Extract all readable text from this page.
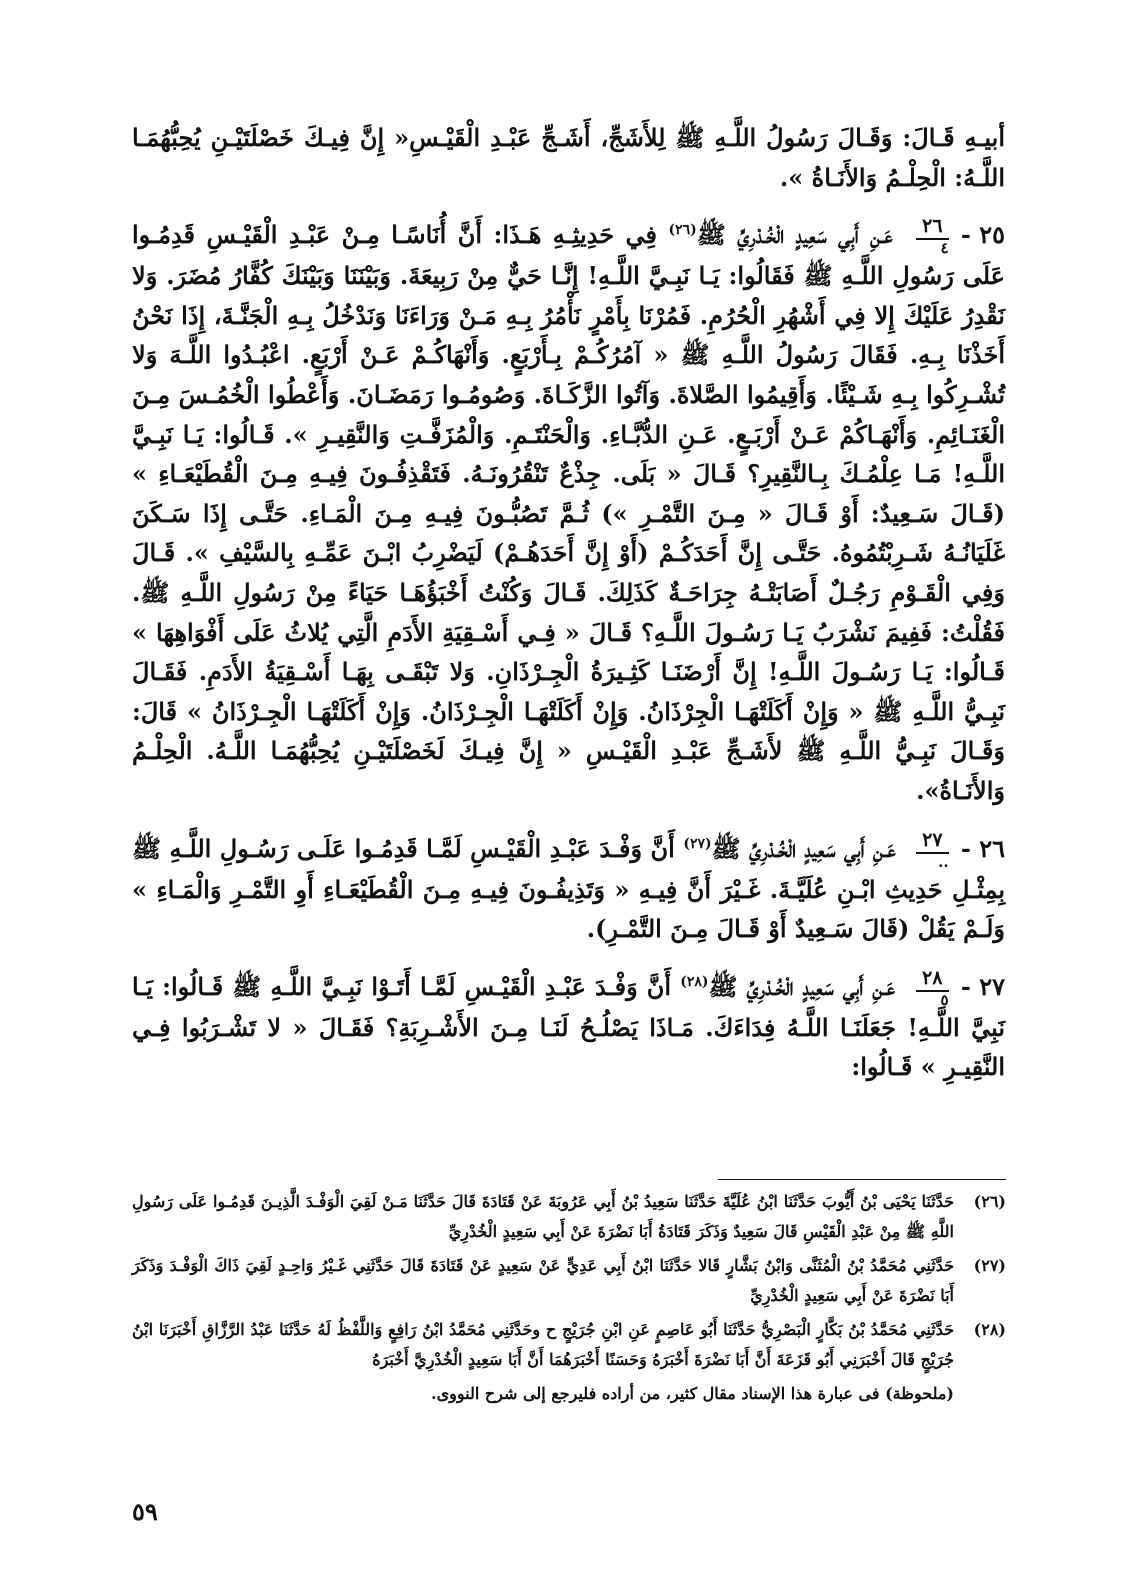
أبيـهِ قَـالَ: وَقَـالَ رَسُولُ اللَّـهِ ﷺ لِلأَشَجِّ، أَشَـجِّ عَبْـدِ الْقَيْـسِ« إِنَّ فِيـكَ خَصْلَتَيْـنِ يُحِبُّهُمَـا اللَّـهُ: الْحِلْـمُ وَالأَنَـاةُ ».

٢٥ -
$\frac{٢٦}{٤}$
عَـنِ أَبِي سَعِيدٍ الْخُـدْرِيِّ ﷺ$^{(٢٦)}$ فِي حَدِيثِـهِ هَـذَا: أَنَّ أُنَاسًـا مِـنْ عَبْـدِ الْقَيْـسِ قَدِمُـوا عَلَى رَسُولِ اللَّـهِ ﷺ فَقَالُوا: يَـا نَبِـيَّ اللَّـهِ! إِنَّـا حَيٌّ مِنْ رَبِيعَةَ. وَبَيْنَنَا وَبَيْنَكَ كُفَّارُ مُضَرَ. وَلا نَقْدِرُ عَلَيْكَ إِلا فِي أَشْهُرِ الْحُرُمِ. فَمُرْنَا بِأَمْرٍ نَأْمُرُ بِـهِ مَـنْ وَرَاءَنَا وَنَدْخُلُ بِـهِ الْجَنَّـةَ، إِذَا نَحْنُ أَخَذْنَا بِـهِ. فَقَالَ رَسُولُ اللَّـهِ ﷺ « آمُرُكُـمْ بِـأَرْبَعٍ. وَأَنْهَاكُـمْ عَـنْ أَرْبَعٍ. اعْبُـدُوا اللَّـهَ وَلا تُشْـرِكُوا بِـهِ شَـيْئًا. وَأَقِيمُوا الصَّلاةَ. وَآتُوا الزَّكَـاةَ. وَصُومُـوا رَمَضَـانَ. وَأَعْطُوا الْخُمُـسَ مِـنَ الْغَنَـائِمِ. وَأَنْهَـاكُمْ عَـنْ أَرْبَـعٍ. عَـنِ الدُّبَّـاءِ. وَالْحَنْتَـمِ. وَالْمُزَفَّـتِ وَالنَّقِيـرِ ». قَـالُوا: يَـا نَبِـيَّ اللَّـهِ! مَـا عِلْمُـكَ بِـالنَّقِيرِ؟ قَـالَ « بَلَى. جِذْعٌ تَنْقُرُونَـهُ. فَتَقْذِفُـونَ فِيـهِ مِـنَ الْقُطَيْعَـاءِ » (قَـالَ سَـعِيدٌ: أَوْ قَـالَ « مِـنَ التَّمْـرِ ») ثُـمَّ تَصُبُّـونَ فِيـهِ مِـنَ الْمَـاءِ. حَتَّـى إِذَا سَـكَنَ غَلَيَانُـهُ شَـرِبْتُمُوهُ. حَتَّـى إِنَّ أَحَدَكُـمْ (أَوْ إِنَّ أَحَدَهُـمْ) لَيَضْرِبُ ابْـنَ عَمِّـهِ بِالسَّيْفِ ». قَـالَ وَفِي الْقَـوْمِ رَجُـلٌ أَصَابَتْـهُ جِرَاحَـةٌ كَذَلِكَ. قَـالَ وَكُنْتُ أَخْبَؤُهَـا حَيَاءً مِنْ رَسُولِ اللَّـهِ ﷺ. فَقُلْتُ: فَفِيمَ نَشْرَبُ يَـا رَسُـولَ اللَّـهِ؟ قَـالَ « فِـي أَسْـقِيَةِ الأَدَمِ الَّتِي يُلاثُ عَلَى أَفْوَاهِهَا » قَـالُوا: يَـا رَسُـولَ اللَّـهِ! إِنَّ أَرْضَنَـا كَثِـيرَةُ الْجِـرْذَانِ. وَلا تَبْقَـى بِهَـا أَسْـقِيَةُ الأَدَمِ. فَقَـالَ نَبِـيُّ اللَّـهِ ﷺ « وَإِنْ أَكَلَتْهَـا الْجِرْذَانُ. وَإِنْ أَكَلَتْهَـا الْجِـرْذَانُ. وَإِنْ أَكَلَتْهَـا الْجِـرْذَانُ » قَالَ: وَقَـالَ نَبِـيُّ اللَّـهِ ﷺ لأَشَـجِّ عَبْـدِ الْقَيْـسِ « إِنَّ فِيـكَ لَخَصْلَتَيْـنِ يُحِبُّهُمَـا اللَّـهُ. الْحِلْـمُ وَالأَنَـاةُ».

٢٦ -
$\frac{٢٧}{..}$
عَـنِ أَبِي سَعِيدٍ الْخُـدْرِيِّ ﷺ$^{(٢٧)}$ أَنَّ وَفْـدَ عَبْـدِ الْقَيْـسِ لَمَّـا قَدِمُـوا عَلَـى رَسُـولِ اللَّـهِ ﷺ بِمِثْـلِ حَدِيثِ ابْـنِ عُلَيَّـةَ. غَـيْرَ أَنَّ فِيـهِ « وَتَذِيفُـونَ فِيـهِ مِـنَ الْقُطَيْعَـاءِ أَوِ التَّمْـرِ وَالْمَـاءِ » وَلَـمْ يَقُلْ (قَالَ سَـعِيدٌ أَوْ قَـالَ مِـنَ التَّمْـرِ).

٢٧ -
$\frac{٢٨}{٥}$
عَـنِ أَبِي سَعِيدٍ الْخُـدْرِيِّ ﷺ$^{(٢٨)}$ أَنَّ وَفْـدَ عَبْـدِ الْقَيْـسِ لَمَّـا أَتَـوْا نَبِـيَّ اللَّـهِ ﷺ قَـالُوا: يَـا نَبِيَّ اللَّـهِ! جَعَلَنَـا اللَّـهُ فِدَاءَكَ. مَـاذَا يَصْلُـحُ لَنَـا مِـنَ الأَشْـرِبَةِ؟ فَقَـالَ « لا تَشْـرَبُوا فِـي النَّقِيـرِ » قَـالُوا:

(٢٦)
حَدَّثَنَا يَحْيَى بْنُ أَيُّوبَ حَدَّثَنَا ابْنُ عُلَيَّةَ حَدَّثَنَا سَعِيدُ بْنُ أَبِي عَرُوبَةَ عَنْ قَتَادَةَ قَالَ حَدَّثَنَا مَـنْ لَقِيَ الْوَفْـدَ الَّذِيـنَ قَدِمُـوا عَلَى رَسُولِ اللَّهِ ﷺ مِنْ عَبْدِ الْقَيْسِ قَالَ سَعِيدٌ وَذَكَرَ قَتَادَةُ أَبَا نَضْرَةَ عَنْ أَبِي سَعِيدٍ الْخُدْرِيِّ
(٢٧)
حَدَّثَنِي مُحَمَّدُ بْنُ الْمُثَنَّى وَابْنُ بَشَّارٍ قَالا حَدَّثَنَا ابْنُ أَبِي عَدِيٍّ عَنْ سَعِيدٍ عَنْ قَتَادَةَ قَالَ حَدَّثَنِي غَـيْرُ وَاحِـدٍ لَقِيَ ذَاكَ الْوَفْـدَ وَذَكَرَ أَبَا نَضْرَةَ عَنْ أَبِي سَعِيدٍ الْخُدْرِيِّ
(٢٨)
حَدَّثَنِي مُحَمَّدُ بْنُ بَكَّارٍ الْبَصْرِيُّ حَدَّثَنَا أَبُو عَاصِمٍ عَنِ ابْنِ جُرَيْجٍ ح وحَدَّثَنِي مُحَمَّدُ ابْنُ رَافِعٍ وَاللَّفْظُ لَهُ حَدَّثَنَا عَبْدُ الرَّزَّاقِ أَخْبَرَنَا ابْنُ جُرَيْجٍ قَالَ أَخْبَرَنِي أَبُو قَزَعَةَ أَنَّ أَبَا نَضْرَةَ أَخْبَرَهُ وَحَسَنًا أَخْبَرَهُمَا أَنَّ أَبَا سَعِيدٍ الْخُدْرِيَّ أَخْبَرَهُ
(ملحوظة) فى عبارة هذا الإسناد مقال كثير، من أراده فليرجع إلى شرح النووى.
٥٩
